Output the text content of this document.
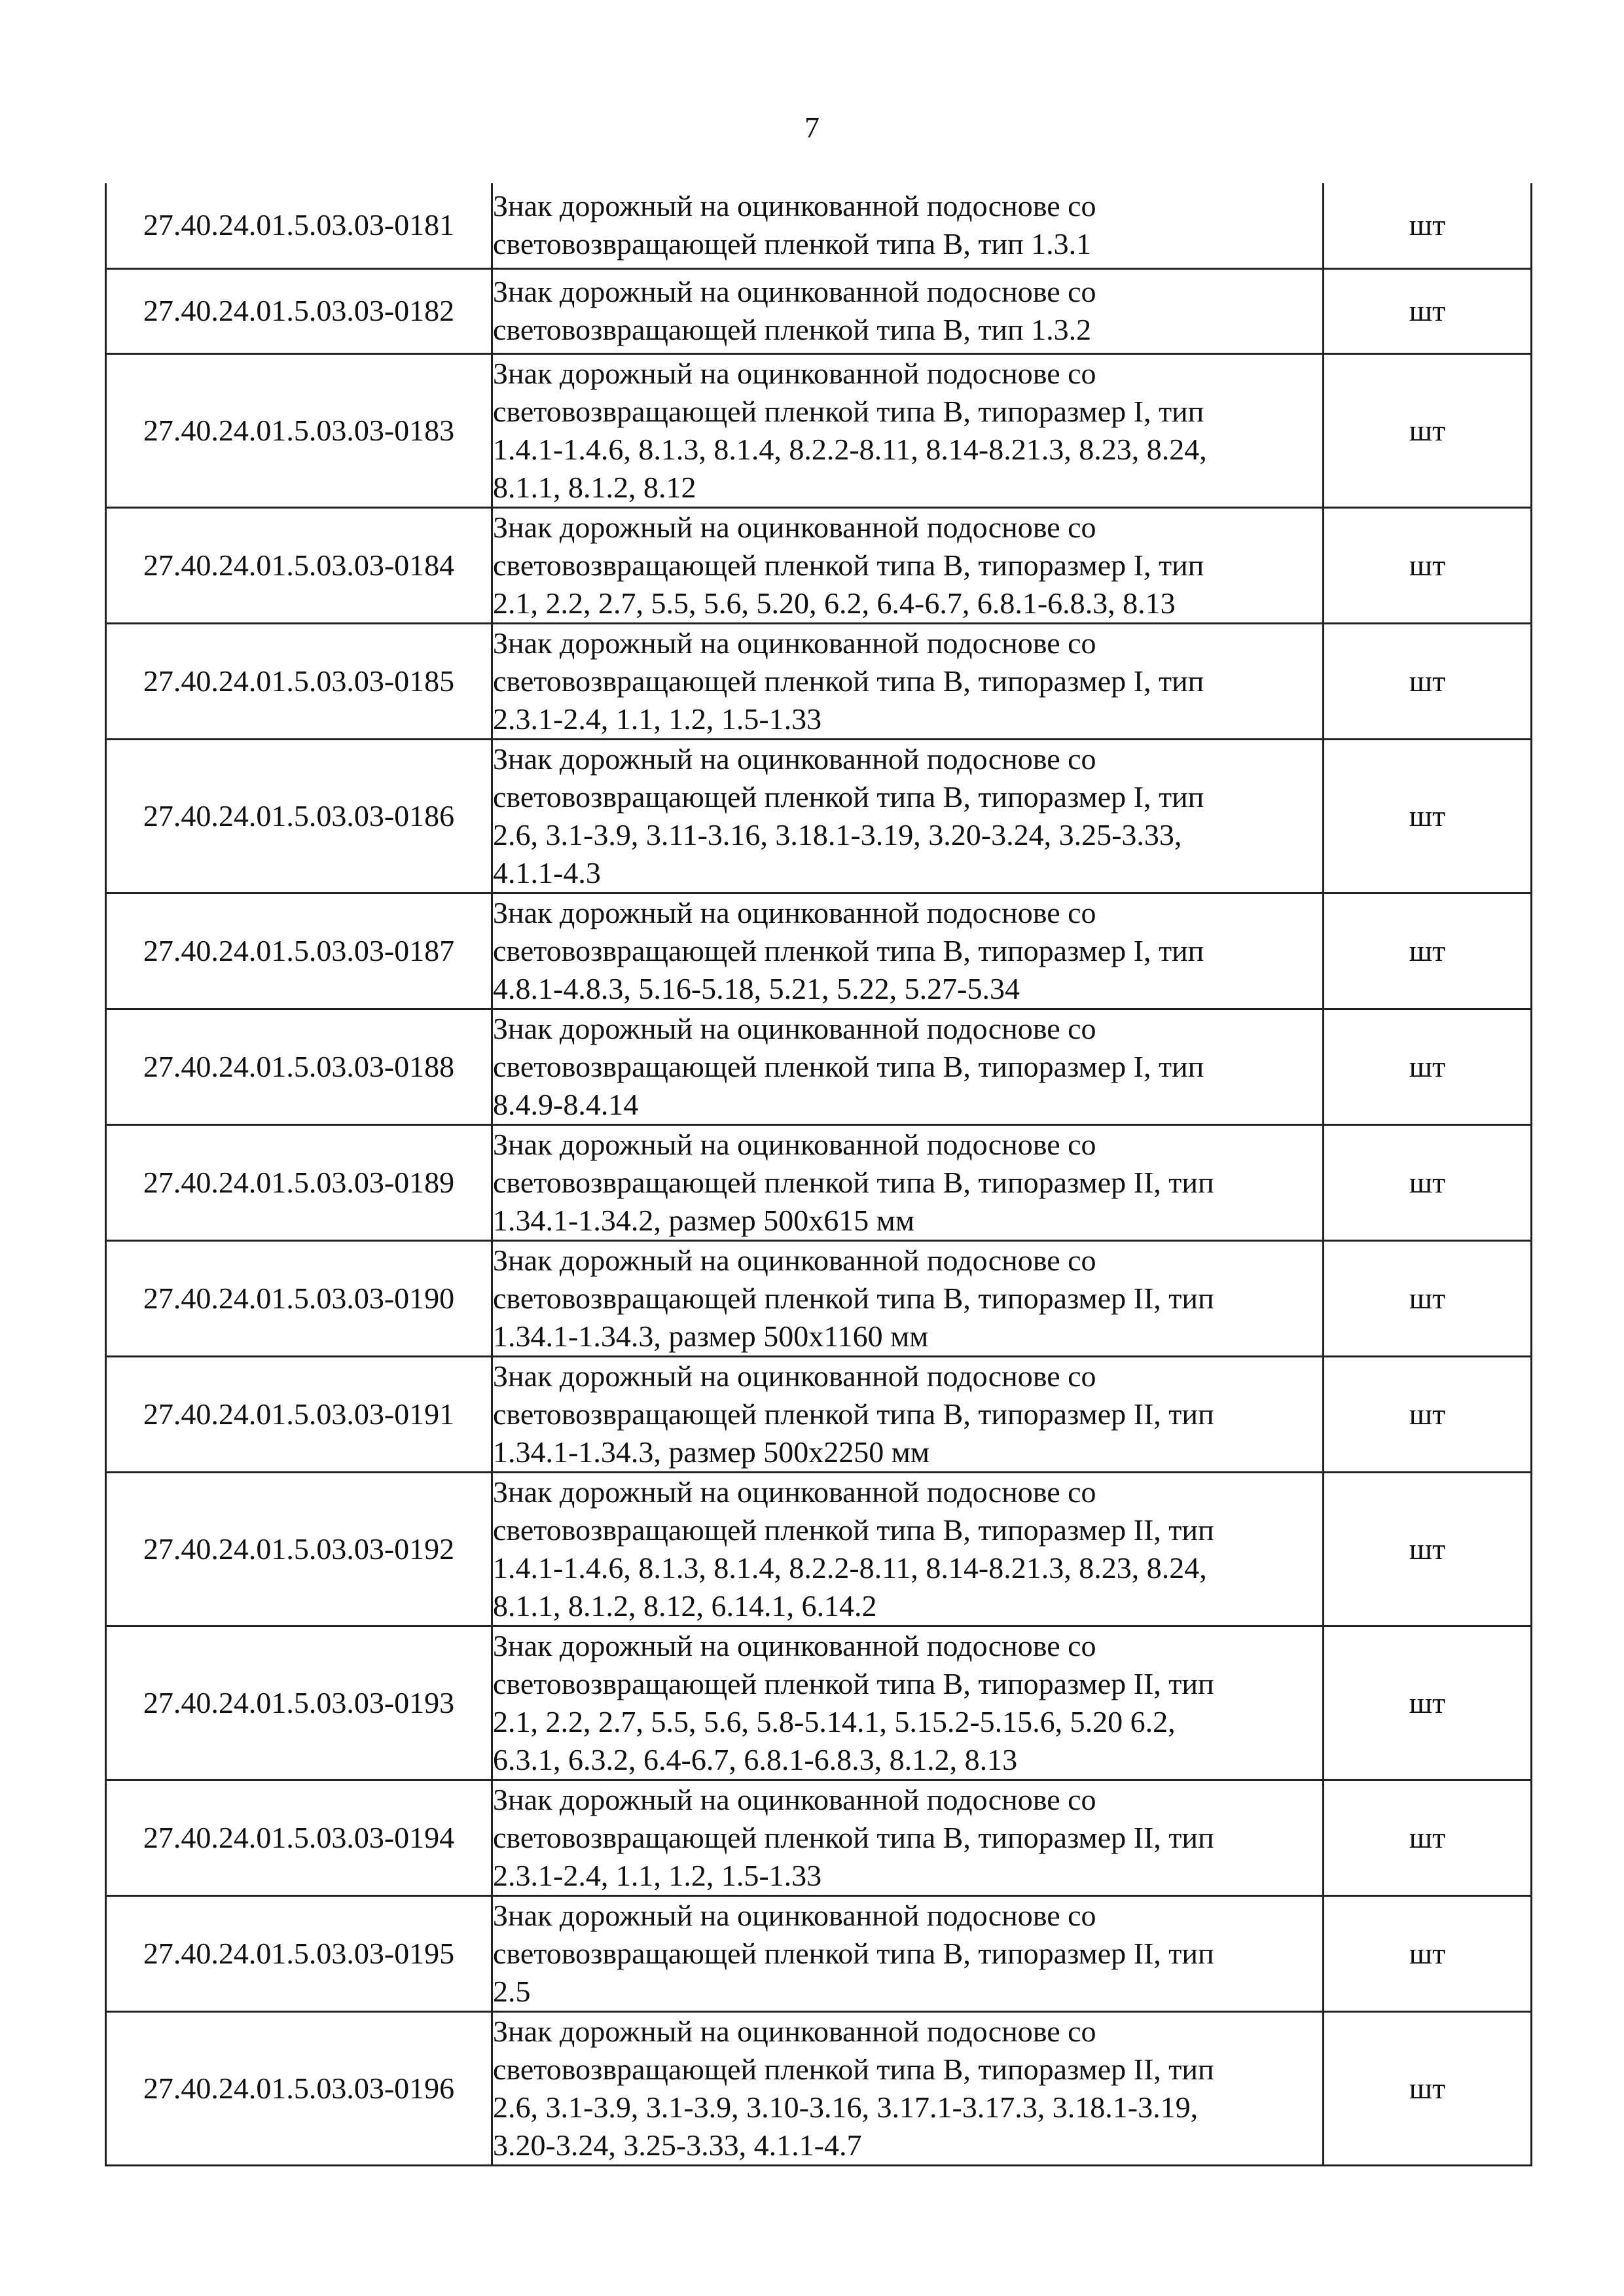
7
27.40.24.01.5.03.03-0181	Знак дорожный на оцинкованной подоснове со
световозвращающей пленкой типа В, тип 1.3.1	шт
27.40.24.01.5.03.03-0182	Знак дорожный на оцинкованной подоснове со
световозвращающей пленкой типа В, тип 1.3.2	шт
27.40.24.01.5.03.03-0183	Знак дорожный на оцинкованной подоснове со
световозвращающей пленкой типа В, типоразмер I, тип
1.4.1-1.4.6, 8.1.3, 8.1.4, 8.2.2-8.11, 8.14-8.21.3, 8.23, 8.24,
8.1.1, 8.1.2, 8.12	шт
27.40.24.01.5.03.03-0184	Знак дорожный на оцинкованной подоснове со
световозвращающей пленкой типа В, типоразмер I, тип
2.1, 2.2, 2.7, 5.5, 5.6, 5.20, 6.2, 6.4-6.7, 6.8.1-6.8.3, 8.13	шт
27.40.24.01.5.03.03-0185	Знак дорожный на оцинкованной подоснове со
световозвращающей пленкой типа В, типоразмер I, тип
2.3.1-2.4, 1.1, 1.2, 1.5-1.33	шт
27.40.24.01.5.03.03-0186	Знак дорожный на оцинкованной подоснове со
световозвращающей пленкой типа В, типоразмер I, тип
2.6, 3.1-3.9, 3.11-3.16, 3.18.1-3.19, 3.20-3.24, 3.25-3.33,
4.1.1-4.3	шт
27.40.24.01.5.03.03-0187	Знак дорожный на оцинкованной подоснове со
световозвращающей пленкой типа В, типоразмер I, тип
4.8.1-4.8.3, 5.16-5.18, 5.21, 5.22, 5.27-5.34	шт
27.40.24.01.5.03.03-0188	Знак дорожный на оцинкованной подоснове со
световозвращающей пленкой типа В, типоразмер I, тип
8.4.9-8.4.14	шт
27.40.24.01.5.03.03-0189	Знак дорожный на оцинкованной подоснове со
световозвращающей пленкой типа В, типоразмер II, тип
1.34.1-1.34.2, размер 500х615 мм	шт
27.40.24.01.5.03.03-0190	Знак дорожный на оцинкованной подоснове со
световозвращающей пленкой типа В, типоразмер II, тип
1.34.1-1.34.3, размер 500х1160 мм	шт
27.40.24.01.5.03.03-0191	Знак дорожный на оцинкованной подоснове со
световозвращающей пленкой типа В, типоразмер II, тип
1.34.1-1.34.3, размер 500х2250 мм	шт
27.40.24.01.5.03.03-0192	Знак дорожный на оцинкованной подоснове со
световозвращающей пленкой типа В, типоразмер II, тип
1.4.1-1.4.6, 8.1.3, 8.1.4, 8.2.2-8.11, 8.14-8.21.3, 8.23, 8.24,
8.1.1, 8.1.2, 8.12, 6.14.1, 6.14.2	шт
27.40.24.01.5.03.03-0193	Знак дорожный на оцинкованной подоснове со
световозвращающей пленкой типа В, типоразмер II, тип
2.1, 2.2, 2.7, 5.5, 5.6, 5.8-5.14.1, 5.15.2-5.15.6, 5.20 6.2,
6.3.1, 6.3.2, 6.4-6.7, 6.8.1-6.8.3, 8.1.2, 8.13	шт
27.40.24.01.5.03.03-0194	Знак дорожный на оцинкованной подоснове со
световозвращающей пленкой типа В, типоразмер II, тип
2.3.1-2.4, 1.1, 1.2, 1.5-1.33	шт
27.40.24.01.5.03.03-0195	Знак дорожный на оцинкованной подоснове со
световозвращающей пленкой типа В, типоразмер II, тип
2.5	шт
27.40.24.01.5.03.03-0196	Знак дорожный на оцинкованной подоснове со
световозвращающей пленкой типа В, типоразмер II, тип
2.6, 3.1-3.9, 3.1-3.9, 3.10-3.16, 3.17.1-3.17.3, 3.18.1-3.19,
3.20-3.24, 3.25-3.33, 4.1.1-4.7	шт
